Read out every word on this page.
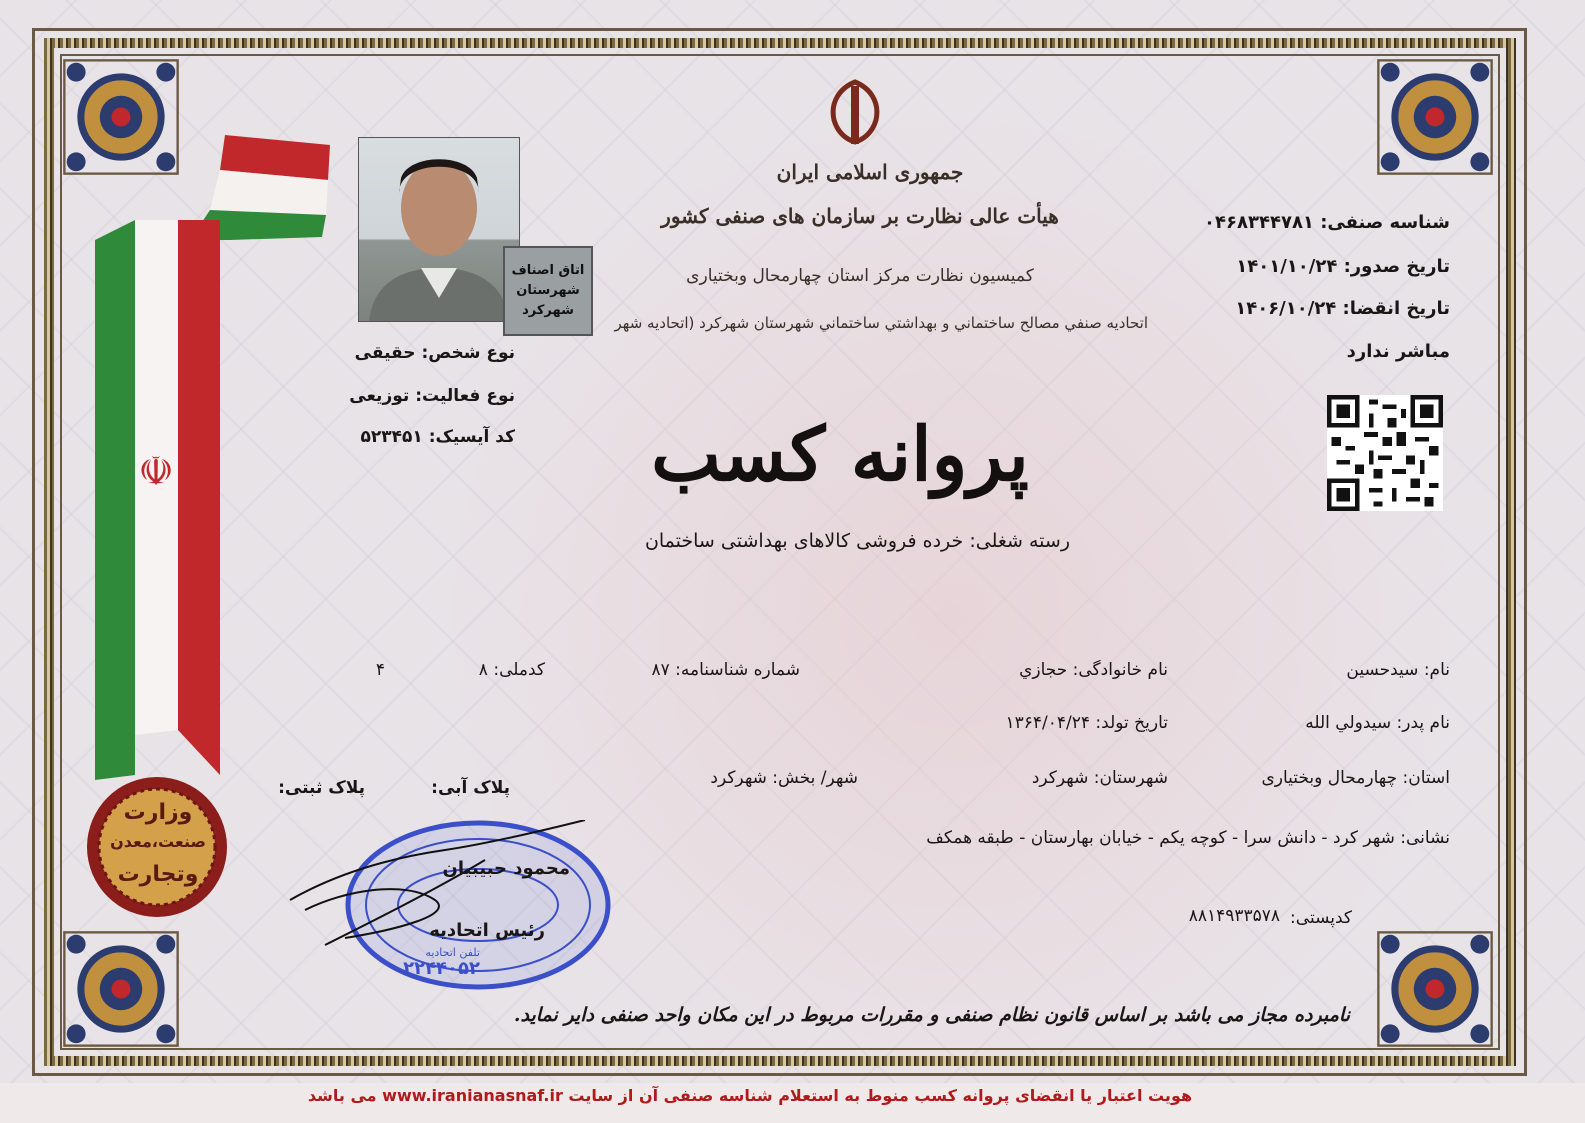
☫
وزارت
صنعت،معدن
وتجارت
جمهوری اسلامی ایران
هیأت عالی نظارت بر سازمان های صنفی کشور
کمیسیون نظارت مرکز استان چهارمحال وبختیاری
اتحادیه صنفي مصالح ساختماني و بهداشتي ساختماني شهرستان شهرکرد (اتحادیه شهر
اتاق اصناف
شهرستان
شهرکرد
نوع شخص: حقیقی
نوع فعالیت: توزیعی
کد آیسیک: ۵۲۳۴۵۱
شناسه صنفی: ۰۴۶۸۳۴۴۷۸۱
تاریخ صدور: ۱۴۰۱/۱۰/۲۴
تاریخ انقضا: ۱۴۰۶/۱۰/۲۴
مباشر ندارد
پروانه کسب
رسته شغلی: خرده فروشی کالاهای بهداشتی ساختمان
نام: سیدحسین
نام خانوادگی: حجازي
شماره شناسنامه: ۸۷
کدملی: ۸
۴
نام پدر: سیدولي الله
تاریخ تولد: ۱۳۶۴/۰۴/۲۴
استان: چهارمحال وبختیاری
شهرستان: شهرکرد
شهر/ بخش: شهرکرد
پلاک آبی:
پلاک ثبتی:
نشانی: شهر کرد - دانش سرا - کوچه یکم - خیابان بهارستان - طبقه همکف
کدپستی:
۸۸۱۴۹۳۳۵۷۸
تلفن اتحادیه
۲۲۴۴۰۵۲
محمود حبیبیان
رئیس اتحادیه
نامبرده مجاز می باشد بر اساس قانون نظام صنفی و مقررات مربوط در این مکان واحد صنفی دایر نماید.
هویت اعتبار یا انقضای پروانه کسب منوط به استعلام شناسه صنفی آن از سایت www.iranianasnaf.ir می باشد
